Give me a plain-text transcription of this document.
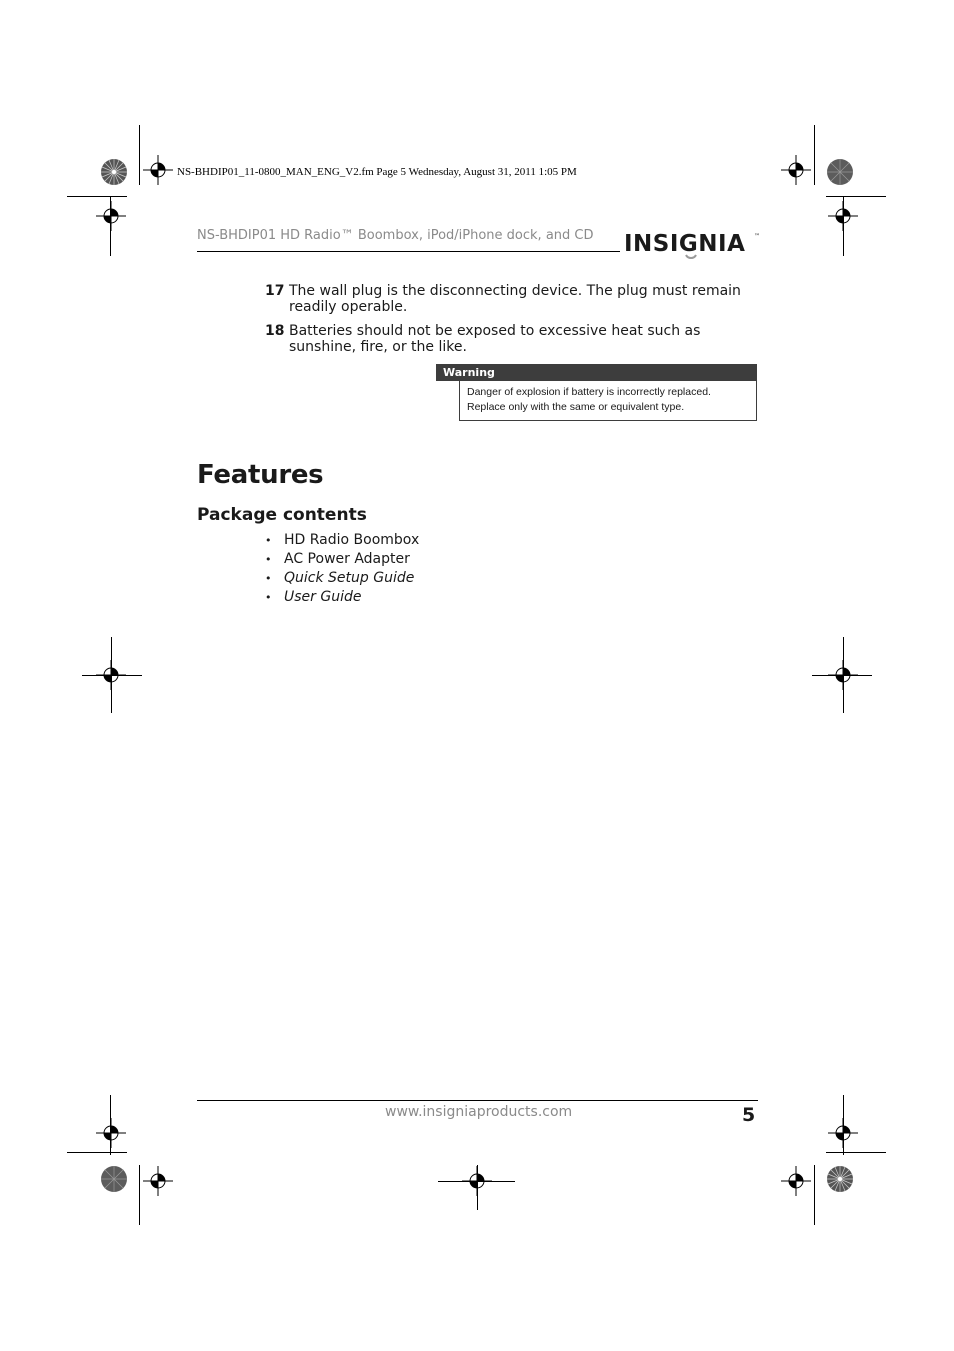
NS-BHDIP01_11-0800_MAN_ENG_V2.fm Page 5 Wednesday, August 31, 2011 1:05 PM
NS-BHDIP01 HD Radio™ Boombox, iPod/iPhone dock, and CD INSIGNIA ™
17 The wall plug is the disconnecting device. The plug must remain readily operable.
18 Batteries should not be exposed to excessive heat such as sunshine, fire, or the like.
Warning
Danger of explosion if battery is incorrectly replaced. Replace only with the same or equivalent type.
Features
Package contents
• HD Radio Boombox
• AC Power Adapter
• Quick Setup Guide
• User Guide
www.insigniaproducts.com	5
